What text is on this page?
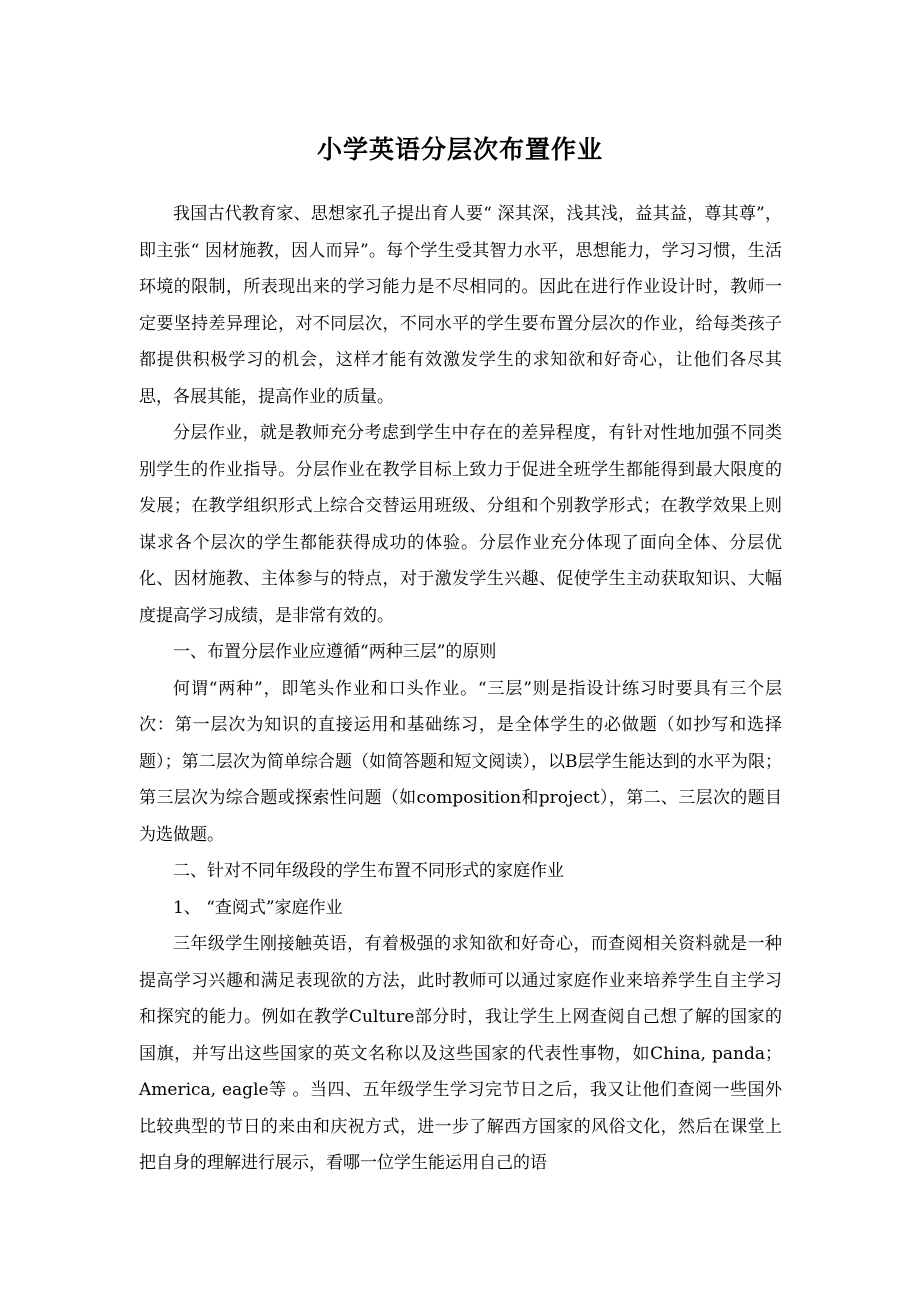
小学英语分层次布置作业

我国古代教育家、思想家孔子提出育人要“ 深其深，浅其浅，益其益，尊其尊”，即主张“ 因材施教，因人而异”。每个学生受其智力水平，思想能力，学习习惯，生活环境的限制，所表现出来的学习能力是不尽相同的。因此在进行作业设计时，教师一定要坚持差异理论，对不同层次，不同水平的学生要布置分层次的作业，给每类孩子都提供积极学习的机会，这样才能有效激发学生的求知欲和好奇心，让他们各尽其思，各展其能，提高作业的质量。

分层作业，就是教师充分考虑到学生中存在的差异程度，有针对性地加强不同类别学生的作业指导。分层作业在教学目标上致力于促进全班学生都能得到最大限度的发展；在教学组织形式上综合交替运用班级、分组和个别教学形式；在教学效果上则谋求各个层次的学生都能获得成功的体验。分层作业充分体现了面向全体、分层优化、因材施教、主体参与的特点，对于激发学生兴趣、促使学生主动获取知识、大幅度提高学习成绩，是非常有效的。

一、布置分层作业应遵循“两种三层”的原则

何谓“两种”，即笔头作业和口头作业。“三层”则是指设计练习时要具有三个层次：第一层次为知识的直接运用和基础练习，是全体学生的必做题（如抄写和选择题）；第二层次为简单综合题（如简答题和短文阅读），以B层学生能达到的水平为限；第三层次为综合题或探索性问题（如composition和project），第二、三层次的题目为选做题。

二、针对不同年级段的学生布置不同形式的家庭作业

1、 “查阅式”家庭作业

三年级学生刚接触英语，有着极强的求知欲和好奇心，而查阅相关资料就是一种提高学习兴趣和满足表现欲的方法，此时教师可以通过家庭作业来培养学生自主学习和探究的能力。例如在教学Culture部分时，我让学生上网查阅自己想了解的国家的国旗，并写出这些国家的英文名称以及这些国家的代表性事物，如China, panda；America, eagle等 。当四、五年级学生学习完节日之后，我又让他们查阅一些国外比较典型的节日的来由和庆祝方式，进一步了解西方国家的风俗文化，然后在课堂上把自身的理解进行展示，看哪一位学生能运用自己的语
